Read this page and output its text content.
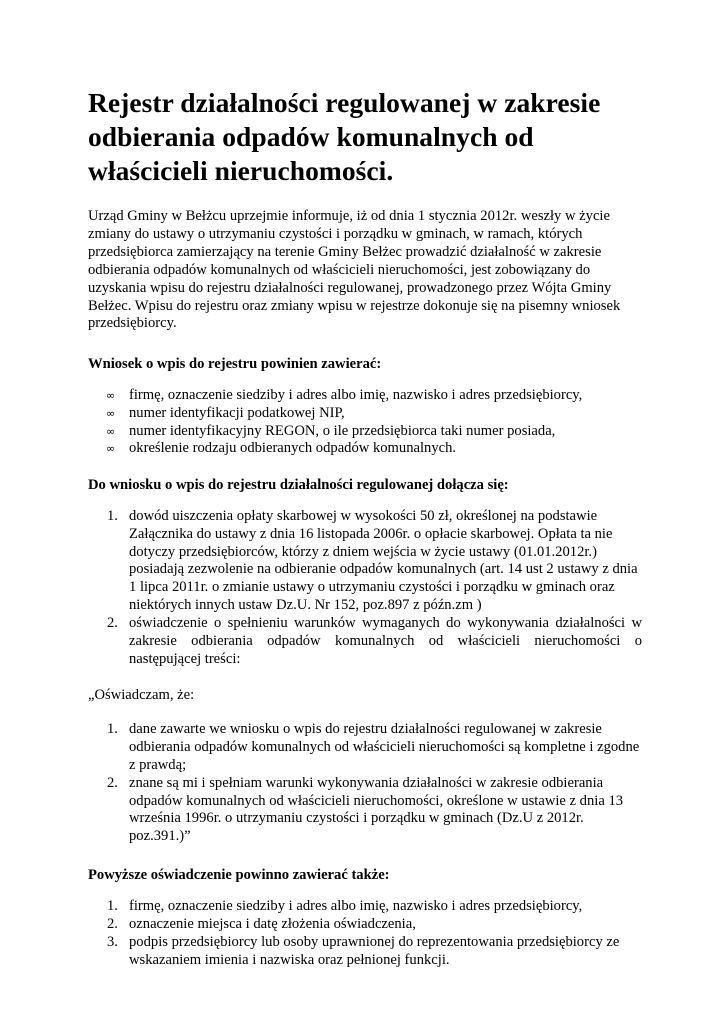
Rejestr działalności regulowanej w zakresie odbierania odpadów komunalnych od właścicieli nieruchomości.

Urząd Gminy w Bełżcu uprzejmie informuje, iż od dnia 1 stycznia 2012r. weszły w życie zmiany do ustawy o utrzymaniu czystości i porządku w gminach, w ramach, których przedsiębiorca zamierzający na terenie Gminy Bełżec prowadzić działalność w zakresie odbierania odpadów komunalnych od właścicieli nieruchomości, jest zobowiązany do uzyskania wpisu do rejestru działalności regulowanej, prowadzonego przez Wójta Gminy Bełżec. Wpisu do rejestru oraz zmiany wpisu w rejestrze dokonuje się na pisemny wniosek przedsiębiorcy.

Wniosek o wpis do rejestru powinien zawierać:

∞ firmę, oznaczenie siedziby i adres albo imię, nazwisko i adres przedsiębiorcy,
∞ numer identyfikacji podatkowej NIP,
∞ numer identyfikacyjny REGON, o ile przedsiębiorca taki numer posiada,
∞ określenie rodzaju odbieranych odpadów komunalnych.

Do wniosku o wpis do rejestru działalności regulowanej dołącza się:

1. dowód uiszczenia opłaty skarbowej w wysokości 50 zł, określonej na podstawie Załącznika do ustawy z dnia 16 listopada 2006r. o opłacie skarbowej. Opłata ta nie dotyczy przedsiębiorców, którzy z dniem wejścia w życie ustawy (01.01.2012r.) posiadają zezwolenie na odbieranie odpadów komunalnych (art. 14 ust 2 ustawy z dnia 1 lipca 2011r. o zmianie ustawy o utrzymaniu czystości i porządku w gminach oraz niektórych innych ustaw Dz.U. Nr 152, poz.897 z późn.zm )
2. oświadczenie o spełnieniu warunków wymaganych do wykonywania działalności w zakresie odbierania odpadów komunalnych od właścicieli nieruchomości o następującej treści:

„Oświadczam, że:

1. dane zawarte we wniosku o wpis do rejestru działalności regulowanej w zakresie odbierania odpadów komunalnych od właścicieli nieruchomości są kompletne i zgodne z prawdą;
2. znane są mi i spełniam warunki wykonywania działalności w zakresie odbierania odpadów komunalnych od właścicieli nieruchomości, określone w ustawie z dnia 13 września 1996r. o utrzymaniu czystości i porządku w gminach (Dz.U z 2012r. poz.391.)”

Powyższe oświadczenie powinno zawierać także:

1. firmę, oznaczenie siedziby i adres albo imię, nazwisko i adres przedsiębiorcy,
2. oznaczenie miejsca i datę złożenia oświadczenia,
3. podpis przedsiębiorcy lub osoby uprawnionej do reprezentowania przedsiębiorcy ze wskazaniem imienia i nazwiska oraz pełnionej funkcji.
